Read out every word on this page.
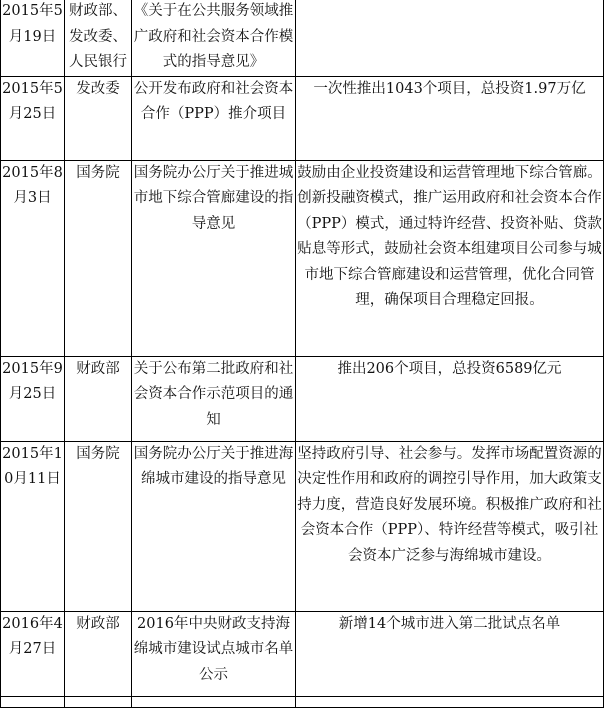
2015年5月19日	财政部、发改委、人民银行	《关于在公共服务领域推广政府和社会资本合作模式的指导意见》	
2015年5月25日	发改委	公开发布政府和社会资本合作（PPP）推介项目	一次性推出1043个项目，总投资1.97万亿
2015年8月3日	国务院	国务院办公厅关于推进城市地下综合管廊建设的指导意见	鼓励由企业投资建设和运营管理地下综合管廊。创新投融资模式，推广运用政府和社会资本合作（PPP）模式，通过特许经营、投资补贴、贷款贴息等形式，鼓励社会资本组建项目公司参与城市地下综合管廊建设和运营管理，优化合同管理，确保项目合理稳定回报。
2015年9月25日	财政部	关于公布第二批政府和社会资本合作示范项目的通知	推出206个项目，总投资6589亿元
2015年10月11日	国务院	国务院办公厅关于推进海绵城市建设的指导意见	坚持政府引导、社会参与。发挥市场配置资源的决定性作用和政府的调控引导作用，加大政策支持力度，营造良好发展环境。积极推广政府和社会资本合作（PPP）、特许经营等模式，吸引社会资本广泛参与海绵城市建设。
2016年4月27日	财政部	2016年中央财政支持海绵城市建设试点城市名单公示	新增14个城市进入第二批试点名单
